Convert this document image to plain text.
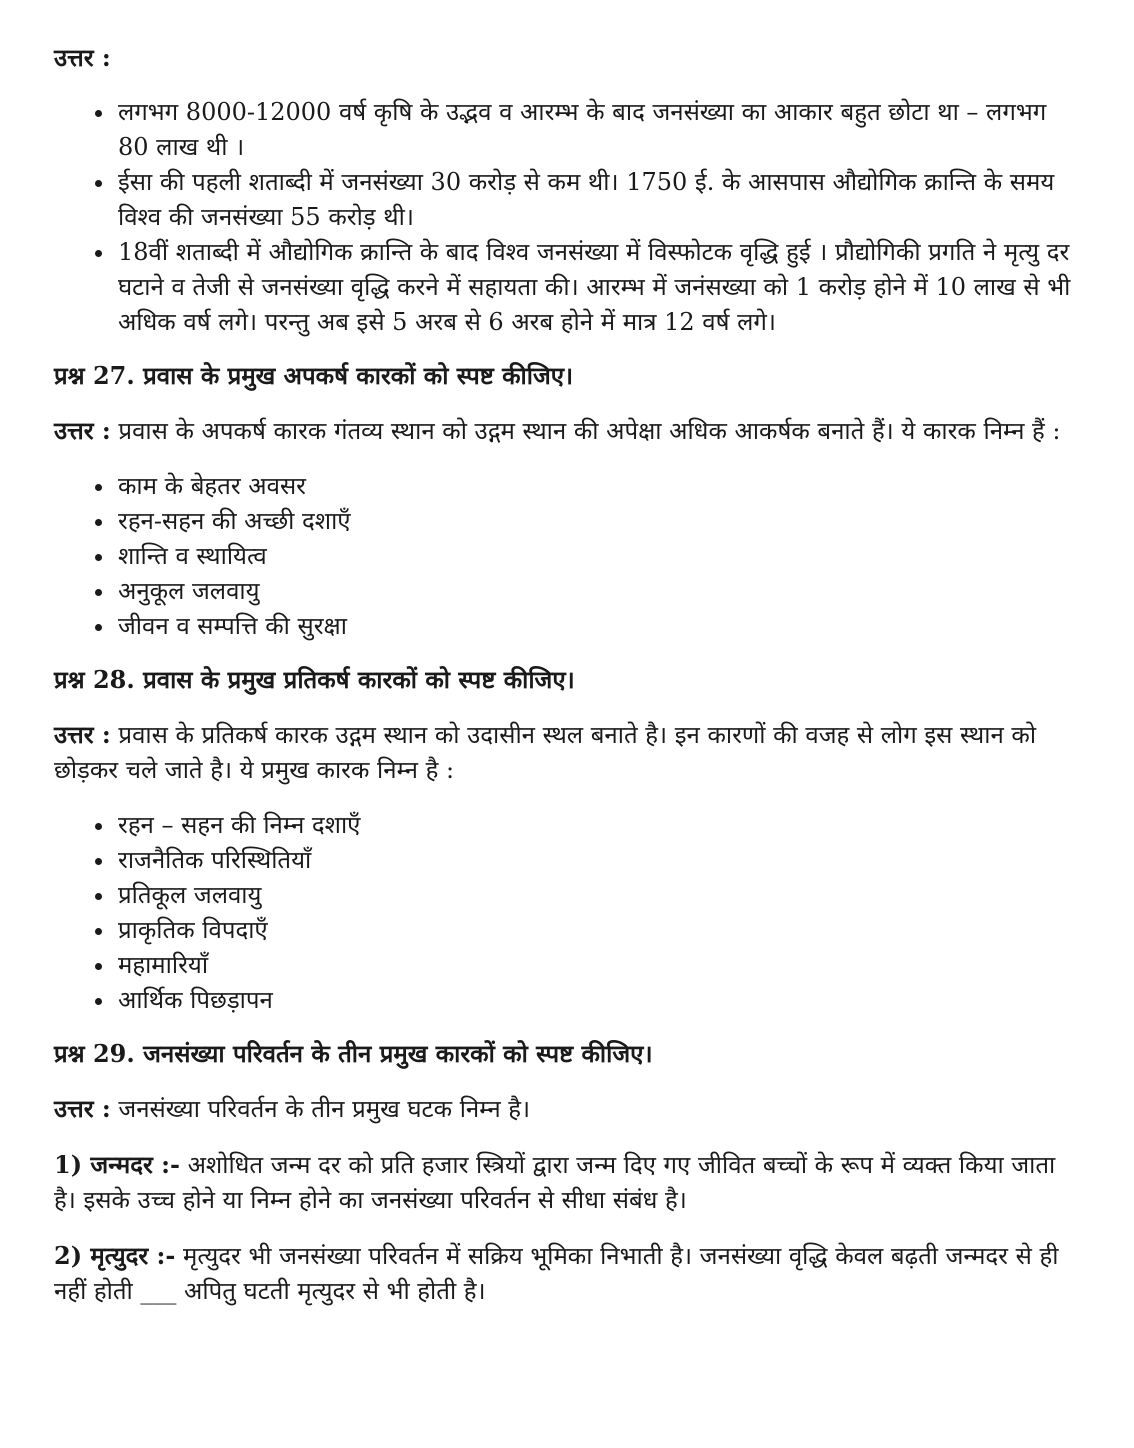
उत्तर :

• लगभग 8000-12000 वर्ष कृषि के उद्भव व आरम्भ के बाद जनसंख्या का आकार बहुत छोटा था – लगभग 80 लाख थी ।
• ईसा की पहली शताब्दी में जनसंख्या 30 करोड़ से कम थी। 1750 ई. के आसपास औद्योगिक क्रान्ति के समय विश्व की जनसंख्या 55 करोड़ थी।
• 18वीं शताब्दी में औद्योगिक क्रान्ति के बाद विश्व जनसंख्या में विस्फोटक वृद्धि हुई । प्रौद्योगिकी प्रगति ने मृत्यु दर घटाने व तेजी से जनसंख्या वृद्धि करने में सहायता की। आरम्भ में जनंसख्या को 1 करोड़ होने में 10 लाख से भी अधिक वर्ष लगे। परन्तु अब इसे 5 अरब से 6 अरब होने में मात्र 12 वर्ष लगे।

प्रश्न 27. प्रवास के प्रमुख अपकर्ष कारकों को स्पष्ट कीजिए।

उत्तर : प्रवास के अपकर्ष कारक गंतव्य स्थान को उद्गम स्थान की अपेक्षा अधिक आकर्षक बनाते हैं। ये कारक निम्न हैं :

• काम के बेहतर अवसर
• रहन-सहन की अच्छी दशाएँ
• शान्ति व स्थायित्व
• अनुकूल जलवायु
• जीवन व सम्पत्ति की सुरक्षा

प्रश्न 28. प्रवास के प्रमुख प्रतिकर्ष कारकों को स्पष्ट कीजिए।

उत्तर : प्रवास के प्रतिकर्ष कारक उद्गम स्थान को उदासीन स्थल बनाते है। इन कारणों की वजह से लोग इस स्थान को छोड़कर चले जाते है। ये प्रमुख कारक निम्न है :

• रहन – सहन की निम्न दशाएँ
• राजनैतिक परिस्थितियाँ
• प्रतिकूल जलवायु
• प्राकृतिक विपदाएँ
• महामारियाँ
• आर्थिक पिछड़ापन

प्रश्न 29. जनसंख्या परिवर्तन के तीन प्रमुख कारकों को स्पष्ट कीजिए।

उत्तर : जनसंख्या परिवर्तन के तीन प्रमुख घटक निम्न है।

1) जन्मदर :- अशोधित जन्म दर को प्रति हजार स्त्रियों द्वारा जन्म दिए गए जीवित बच्चों के रूप में व्यक्त किया जाता है। इसके उच्च होने या निम्न होने का जनसंख्या परिवर्तन से सीधा संबंध है।

2) मृत्युदर :- मृत्युदर भी जनसंख्या परिवर्तन में सक्रिय भूमिका निभाती है। जनसंख्या वृद्धि केवल बढ़ती जन्मदर से ही नहीं होती ___ अपितु घटती मृत्युदर से भी होती है।
